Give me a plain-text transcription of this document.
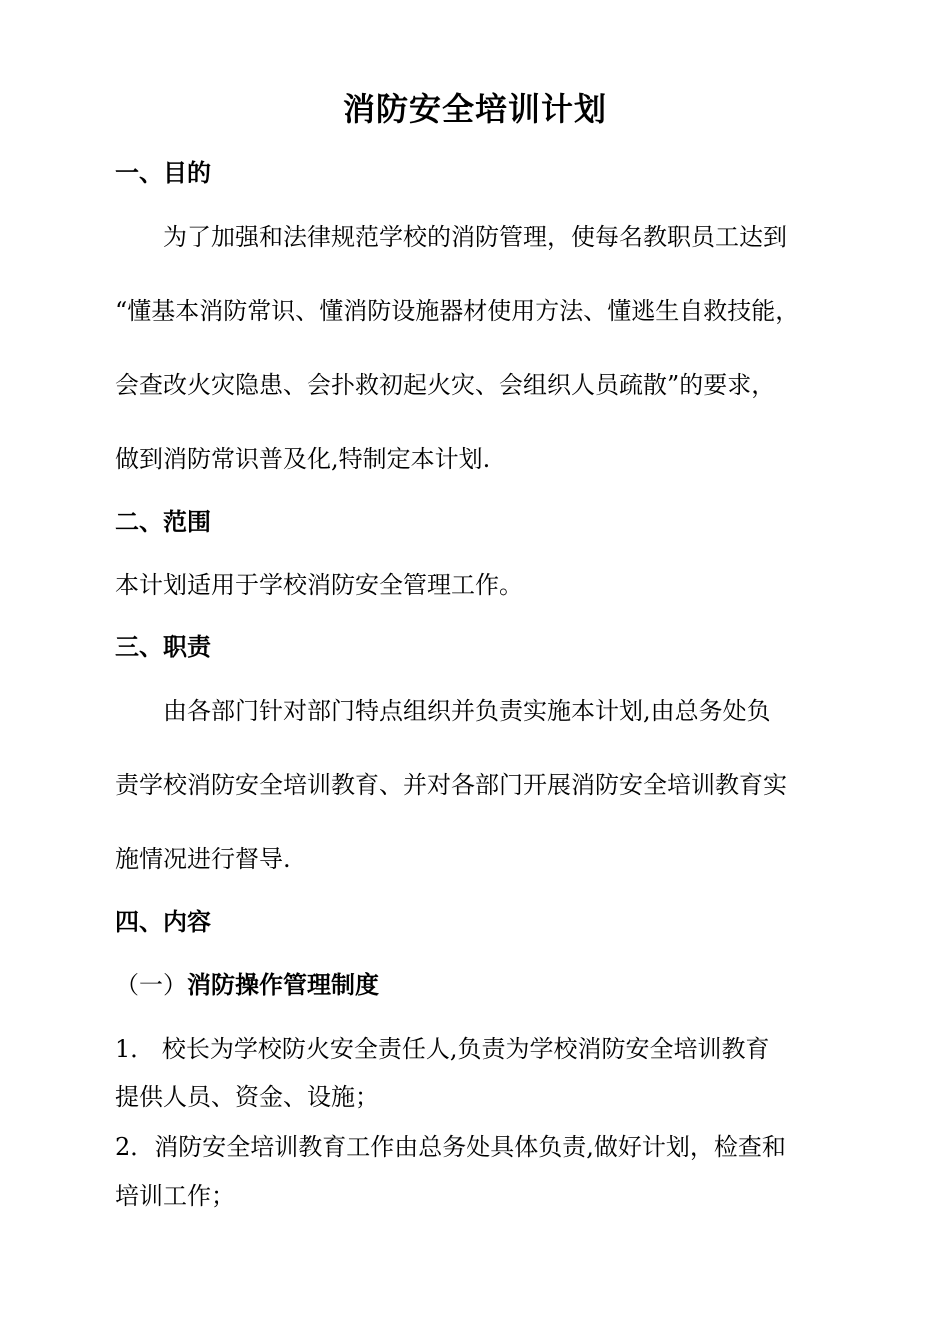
消防安全培训计划

一、目的

为了加强和法律规范学校的消防管理，使每名教职员工达到

“懂基本消防常识、懂消防设施器材使用方法、懂逃生自救技能，

会查改火灾隐患、会扑救初起火灾、会组织人员疏散”的要求，

做到消防常识普及化,特制定本计划.

二、范围

本计划适用于学校消防安全管理工作。

三、职责

由各部门针对部门特点组织并负责实施本计划,由总务处负

责学校消防安全培训教育、并对各部门开展消防安全培训教育实

施情况进行督导.

四、内容

（一）消防操作管理制度

1． 校长为学校防火安全责任人,负责为学校消防安全培训教育

提供人员、资金、设施；

2．消防安全培训教育工作由总务处具体负责,做好计划，检查和

培训工作；
